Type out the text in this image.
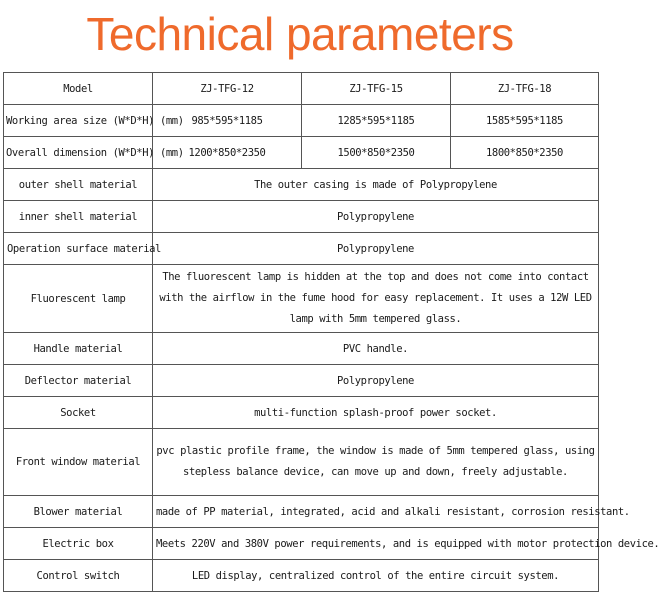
Technical parameters
Model	ZJ-TFG-12	ZJ-TFG-15	ZJ-TFG-18
Working area size (W*D*H) (mm)	985*595*1185	1285*595*1185	1585*595*1185
Overall dimension (W*D*H) (mm)	1200*850*2350	1500*850*2350	1800*850*2350
outer shell material	The outer casing is made of Polypropylene		
inner shell material	Polypropylene		
Operation surface material	Polypropylene		
Fluorescent lamp	The fluorescent lamp is hidden at the top and does not come into contact with the airflow in the fume hood for easy replacement. It uses a 12W LED lamp with 5mm tempered glass.		
Handle material	PVC handle.		
Deflector material	Polypropylene		
Socket	multi-function splash-proof power socket.		
Front window material	pvc plastic profile frame, the window is made of 5mm tempered glass, using stepless balance device, can move up and down, freely adjustable.		
Blower material	made of PP material, integrated, acid and alkali resistant, corrosion resistant.		
Electric box	Meets 220V and 380V power requirements, and is equipped with motor protection device.		
Control switch	LED display, centralized control of the entire circuit system.		
